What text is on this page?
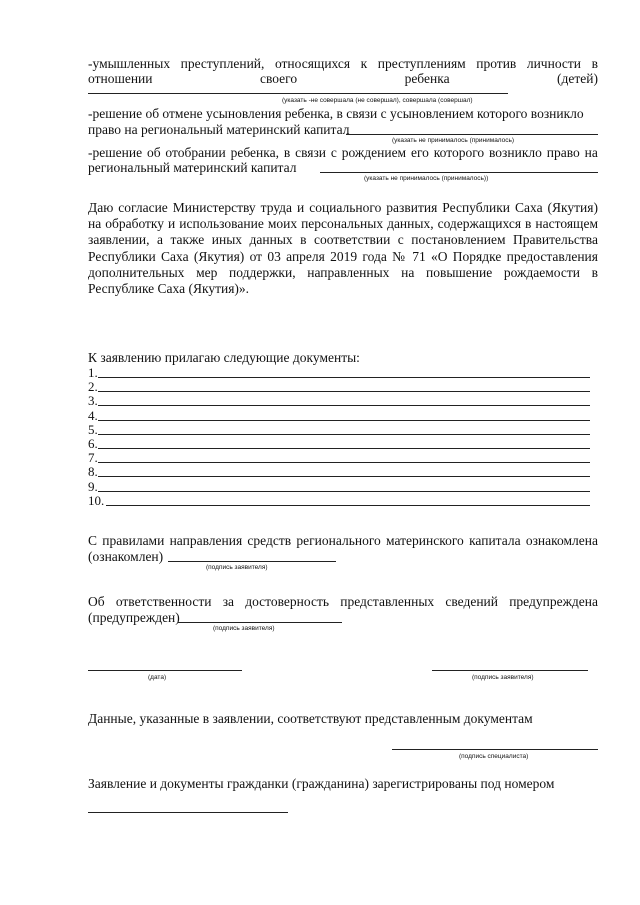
-умышленных преступлений, относящихся к преступлениям против личности в
отношении	своего	ребенка	(детей)
(указать -не совершала (не совершал), совершала (совершал)
-решение об отмене усыновления ребенка, в связи с усыновлением которого возникло
право на региональный материнский капитал
(указать не принималось (принималось)
-решение об отобрании ребенка, в связи с рождением его которого возникло право на
региональный материнский капитал
(указать не принималось (принималось))
Даю согласие Министерству труда и социального развития Республики Саха (Якутия) на обработку и использование моих персональных данных, содержащихся в настоящем заявлении, а также иных данных в соответствии с постановлением Правительства Республики Саха (Якутия) от 03 апреля 2019 года № 71 «О Порядке предоставления дополнительных мер поддержки, направленных на повышение рождаемости в Республике Саха (Якутия)».
К заявлению прилагаю следующие документы:
1.
2.
3.
4.
5.
6.
7.
8.
9.
10.
С правилами направления средств регионального материнского капитала ознакомлена
(ознакомлен)
(подпись заявителя)
Об ответственности за достоверность представленных сведений предупреждена
(предупрежден)
(подпись заявителя)
(дата)	(подпись заявителя)
Данные, указанные в заявлении, соответствуют представленным документам
(подпись специалиста)
Заявление и документы гражданки (гражданина) зарегистрированы под номером
